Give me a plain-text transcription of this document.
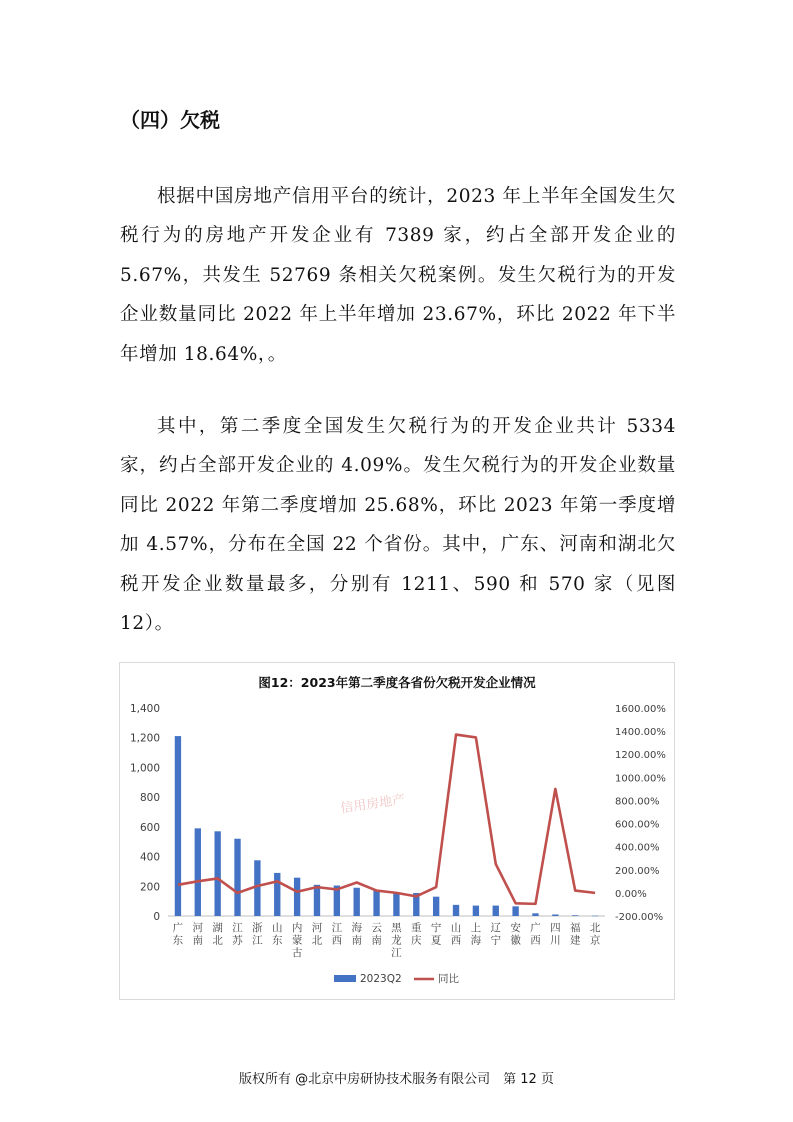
（四）欠税

根据中国房地产信用平台的统计，2023 年上半年全国发生欠税行为的房地产开发企业有 7389 家，约占全部开发企业的 5.67%，共发生 52769 条相关欠税案例。发生欠税行为的开发企业数量同比 2022 年上半年增加 23.67%，环比 2022 年下半年增加 18.64%，。

其中，第二季度全国发生欠税行为的开发企业共计 5334 家，约占全部开发企业的 4.09%。发生欠税行为的开发企业数量同比 2022 年第二季度增加 25.68%，环比 2023 年第一季度增加 4.57%，分布在全国 22 个省份。其中，广东、河南和湖北欠税开发企业数量最多，分别有 1211、590 和 570 家（见图 12）。

图12：2023年第二季度各省份欠税开发企业情况
信用房地产
0
200
400
600
800
1,000
1,200
1,400
-200.00%
0.00%
200.00%
400.00%
600.00%
800.00%
1000.00%
1200.00%
1400.00%
1600.00%
广东
河南
湖北
江苏
浙江
山东
内蒙古
河北
江西
海南
云南
黑龙江
重庆
宁夏
山西
上海
辽宁
安徽
广西
四川
福建
北京
2023Q2	同比
版权所有 @北京中房研协技术服务有限公司　第 12 页
